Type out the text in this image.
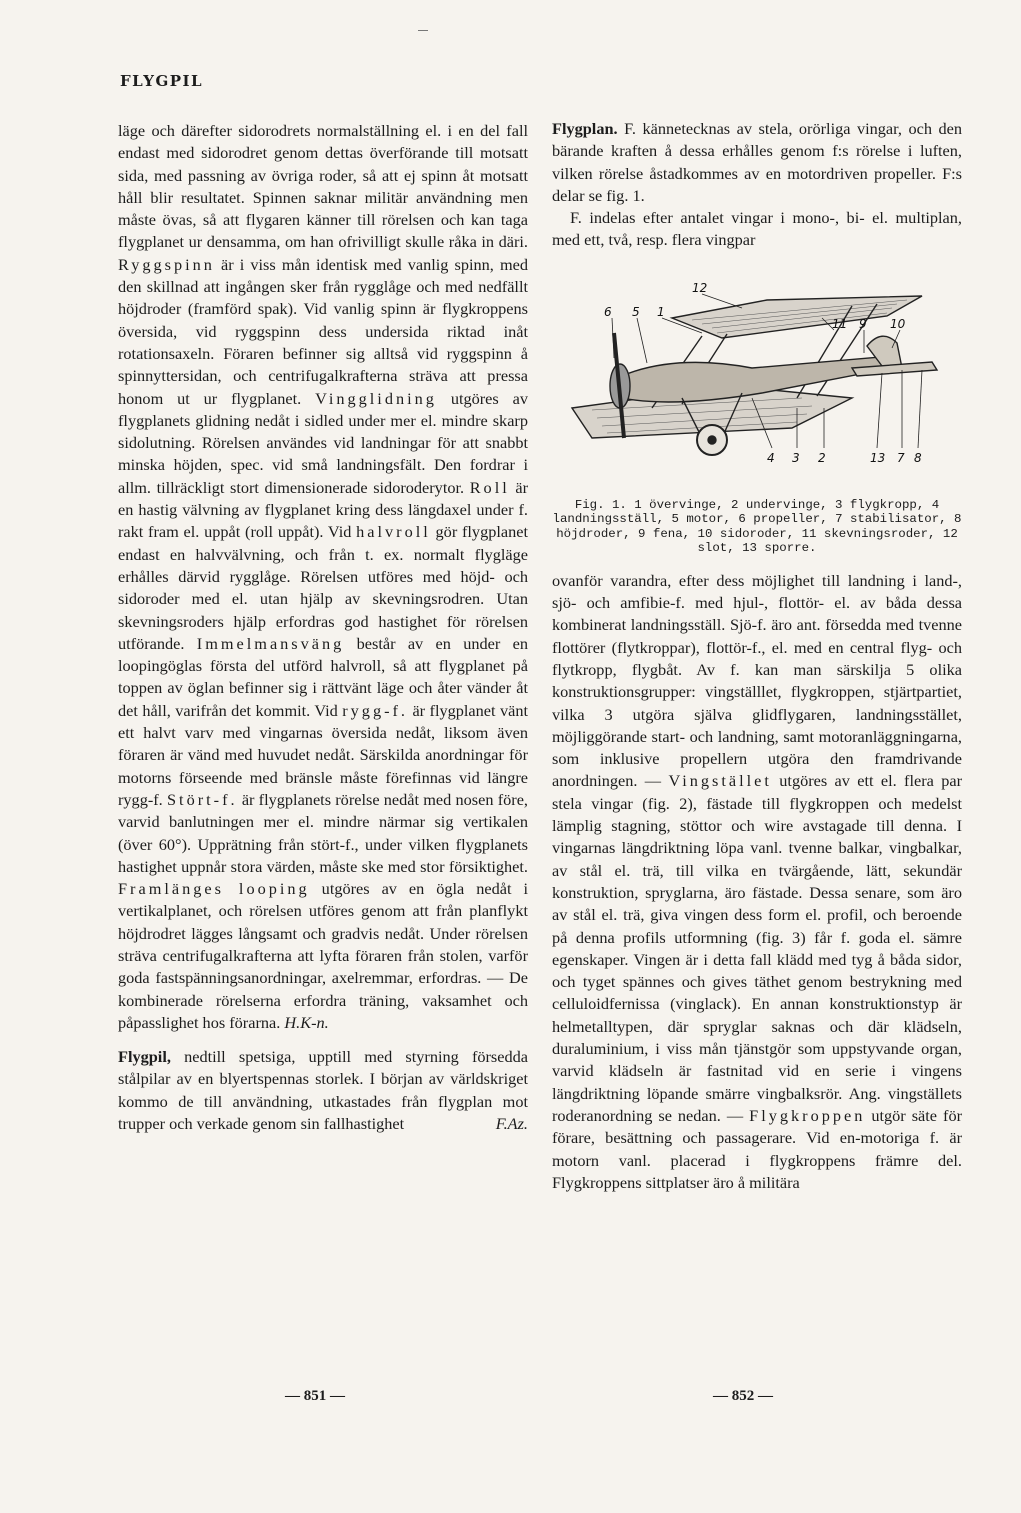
FLYGPIL

läge och därefter sidorodrets normalställning el. i en del fall endast med sidorodret genom dettas överförande till motsatt sida, med passning av övriga roder, så att ej spinn åt motsatt håll blir resultatet. Spinnen saknar militär användning men måste övas, så att flygaren känner till rörelsen och kan taga flygplanet ur densamma, om han ofrivilligt skulle råka in däri. Ryggspinn är i viss mån identisk med vanlig spinn, med den skillnad att ingången sker från rygglåge och med nedfällt höjdroder (framförd spak). Vid vanlig spinn är flygkroppens översida, vid ryggspinn dess undersida riktad inåt rotationsaxeln. Föraren befinner sig alltså vid ryggspinn å spinnyttersidan, och centrifugalkrafterna sträva att pressa honom ut ur flygplanet. Vingglidning utgöres av flygplanets glidning nedåt i sidled under mer el. mindre skarp sidolutning. Rörelsen användes vid landningar för att snabbt minska höjden, spec. vid små landningsfält. Den fordrar i allm. tillräckligt stort dimensionerade sidoroderytor. Roll är en hastig välvning av flygplanet kring dess längdaxel under f. rakt fram el. uppåt (roll uppåt). Vid halvroll gör flygplanet endast en halvvälvning, och från t. ex. normalt flygläge erhålles därvid rygglåge. Rörelsen utföres med höjd- och sidoroder med el. utan hjälp av skevningsrodren. Utan skevningsroders hjälp erfordras god hastighet för rörelsen utförande. Immelmansväng består av en under en loopingöglas första del utförd halvroll, så att flygplanet på toppen av öglan befinner sig i rättvänt läge och åter vänder åt det håll, varifrån det kommit. Vid rygg-f. är flygplanet vänt ett halvt varv med vingarnas översida nedåt, liksom även föraren är vänd med huvudet nedåt. Särskilda anordningar för motorns förseende med bränsle måste förefinnas vid längre rygg-f. Stört-f. är flygplanets rörelse nedåt med nosen före, varvid banlutningen mer el. mindre närmar sig vertikalen (över 60°). Upprätning från stört-f., under vilken flygplanets hastighet uppnår stora värden, måste ske med stor försiktighet. Framlänges looping utgöres av en ögla nedåt i vertikalplanet, och rörelsen utföres genom att från planflykt höjdrodret lägges långsamt och gradvis nedåt. Under rörelsen sträva centrifugalkrafterna att lyfta föraren från stolen, varför goda fastspänningsanordningar, axelremmar, erfordras. — De kombinerade rörelserna erfordra träning, vaksamhet och påpasslighet hos förarna. H.K-n.

Flygpil, nedtill spetsiga, upptill med styrning försedda stålpilar av en blyertspennas storlek. I början av världskriget kommo de till användning, utkastades från flygplan mot trupper och verkade genom sin fallhastighet	F.Az.

Flygplan. F. kännetecknas av stela, orörliga vingar, och den bärande kraften å dessa erhålles genom f:s rörelse i luften, vilken rörelse åstadkommes av en motordriven propeller. F:s delar se fig. 1.

F. indelas efter antalet vingar i mono-, bi- el. multiplan, med ett, två, resp. flera vingpar

12
6 5 1
11 9 10
4 3 2	13 7 8
Fig. 1. 1 övervinge, 2 undervinge, 3 flygkropp, 4 landningsställ, 5 motor, 6 propeller, 7 stabilisator, 8 höjdroder, 9 fena, 10 sidoroder, 11 skevningsroder, 12 slot, 13 sporre.

ovanför varandra, efter dess möjlighet till landning i land-, sjö- och amfibie-f. med hjul-, flottör- el. av båda dessa kombinerat landningsställ. Sjö-f. äro ant. försedda med tvenne flottörer (flytkroppar), flottör-f., el. med en central flyg- och flytkropp, flygbåt. Av f. kan man särskilja 5 olika konstruktionsgrupper: vingställlet, flygkroppen, stjärtpartiet, vilka 3 utgöra själva glidflygaren, landningsstället, möjliggörande start- och landning, samt motoranläggningarna, som inklusive propellern utgöra den framdrivande anordningen. — Vingstället utgöres av ett el. flera par stela vingar (fig. 2), fästade till flygkroppen och medelst lämplig stagning, stöttor och wire avstagade till denna. I vingarnas längdriktning löpa vanl. tvenne balkar, vingbalkar, av stål el. trä, till vilka en tvärgående, lätt, sekundär konstruktion, spryglarna, äro fästade. Dessa senare, som äro av stål el. trä, giva vingen dess form el. profil, och beroende på denna profils utformning (fig. 3) får f. goda el. sämre egenskaper. Vingen är i detta fall klädd med tyg å båda sidor, och tyget spännes och gives täthet genom bestrykning med celluloidfernissa (vinglack). En annan konstruktionstyp är helmetalltypen, där spryglar saknas och där klädseln, duraluminium, i viss mån tjänstgör som uppstyvande organ, varvid klädseln är fastnitad vid en serie i vingens längdriktning löpande smärre vingbalksrör. Ang. vingställets roderanordning se nedan. — Flygkroppen utgör säte för förare, besättning och passagerare. Vid en-motoriga f. är motorn vanl. placerad i flygkroppens främre del. Flygkroppens sittplatser äro å militära

— 851 —	— 852 —
